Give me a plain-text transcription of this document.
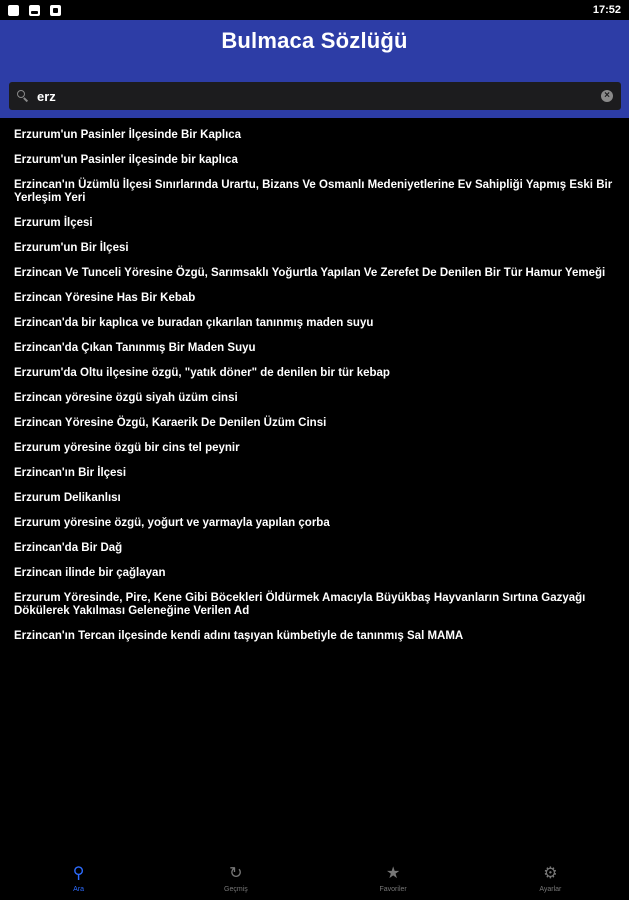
17:52
Bulmaca Sözlüğü
erz
×
Erzurum'un Pasinler İlçesinde Bir Kaplıca
Erzurum'un Pasinler ilçesinde bir kaplıca
Erzincan'ın Üzümlü İlçesi Sınırlarında Urartu, Bizans Ve Osmanlı Medeniyetlerine Ev Sahipliği Yapmış Eski Bir Yerleşim Yeri
Erzurum İlçesi
Erzurum'un Bir İlçesi
Erzincan Ve Tunceli Yöresine Özgü, Sarımsaklı Yoğurtla Yapılan Ve Zerefet De Denilen Bir Tür Hamur Yemeği
Erzincan Yöresine Has Bir Kebab
Erzincan'da bir kaplıca ve buradan çıkarılan tanınmış maden suyu
Erzincan'da Çıkan Tanınmış Bir Maden Suyu
Erzurum'da Oltu ilçesine özgü, "yatık döner" de denilen bir tür kebap
Erzincan yöresine özgü siyah üzüm cinsi
Erzincan Yöresine Özgü, Karaerik De Denilen Üzüm Cinsi
Erzurum yöresine özgü bir cins tel peynir
Erzincan'ın Bir İlçesi
Erzurum Delikanlısı
Erzurum yöresine özgü, yoğurt ve yarmayla yapılan çorba
Erzincan'da Bir Dağ
Erzincan ilinde bir çağlayan
Erzurum Yöresinde, Pire, Kene Gibi Böcekleri Öldürmek Amacıyla Büyükbaş Hayvanların Sırtına Gazyağı Dökülerek Yakılması Geleneğine Verilen Ad
Erzincan'ın Tercan ilçesinde kendi adını taşıyan kümbetiyle de tanınmış Sal MAMA
⚲
Ara
↻
Geçmiş
★
Favoriler
⚙
Ayarlar
